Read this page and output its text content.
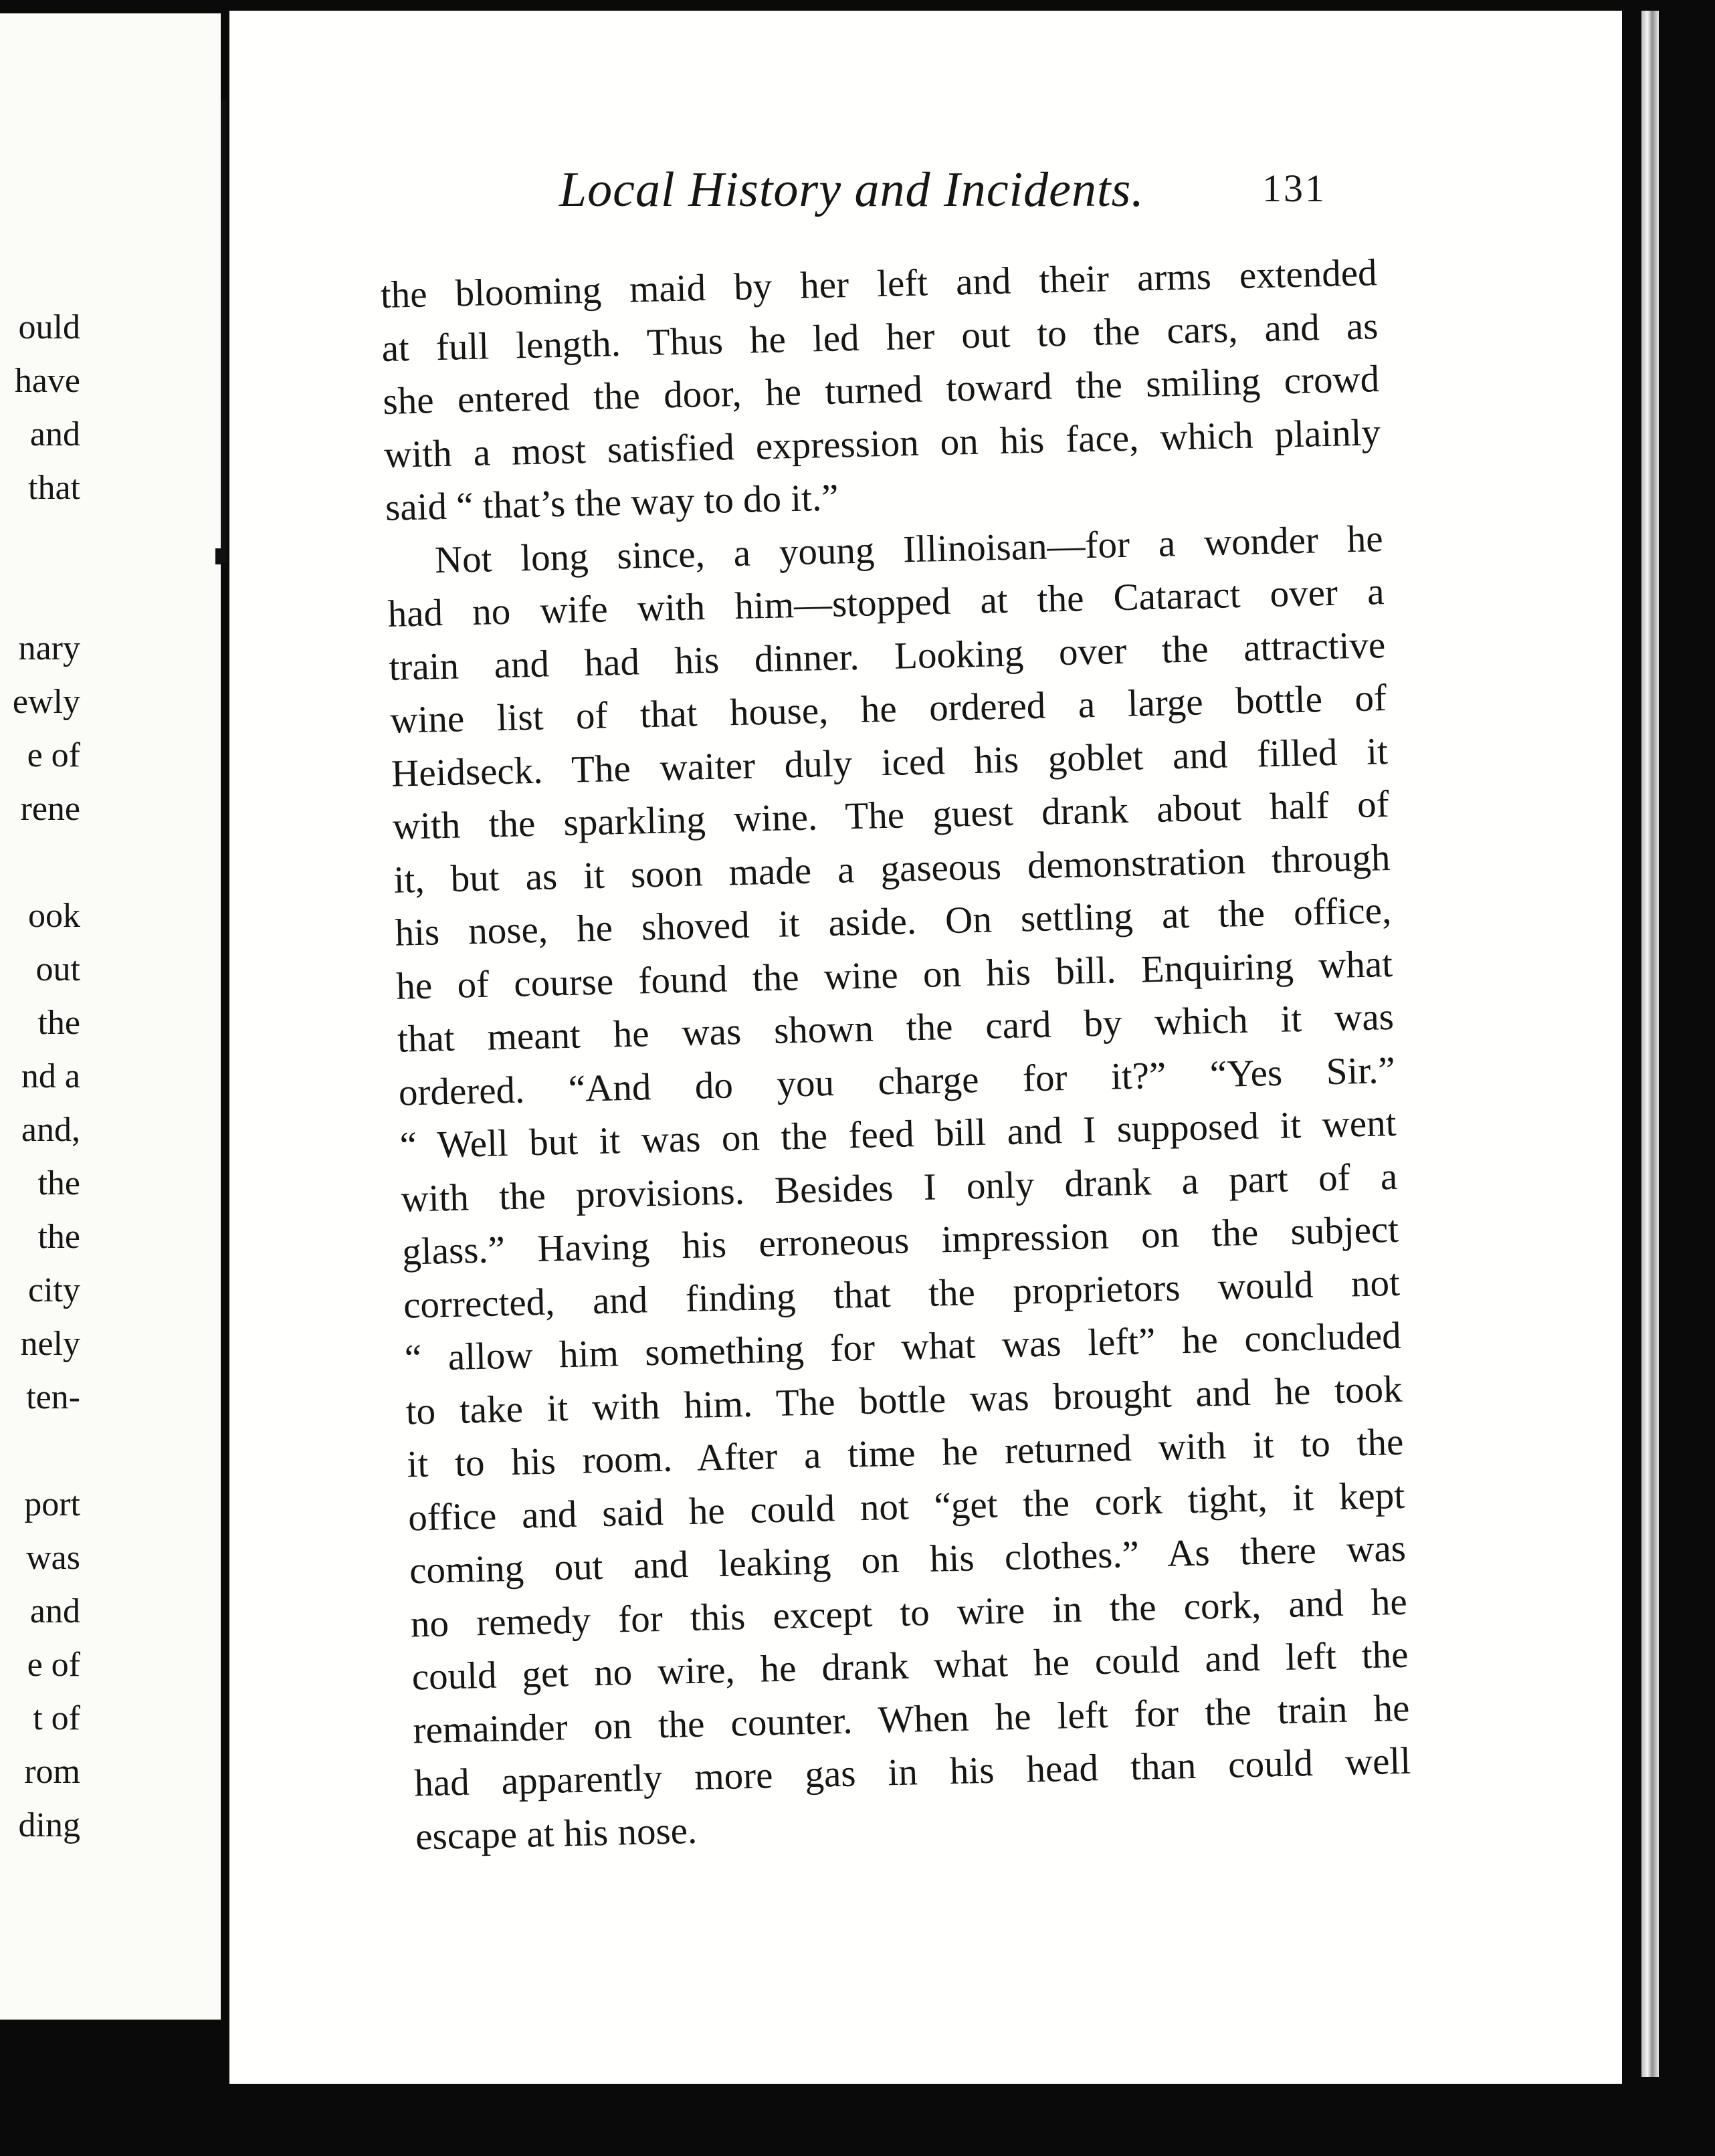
ould
have
and
that
nary
ewly
e of
rene
ook
out
the
nd a
and,
the
the
city
nely
ten-
port
was
and
e of
t of
rom
ding
Local History and Incidents.	131
the blooming maid by her left and their arms extended
at full length. Thus he led her out to the cars, and as
she entered the door, he turned toward the smiling crowd
with a most satisfied expression on his face, which plainly
said “ that’s the way to do it.”
Not long since, a young Illinoisan—for a wonder he
had no wife with him—stopped at the Cataract over a
train and had his dinner. Looking over the attractive
wine list of that house, he ordered a large bottle of
Heidseck. The waiter duly iced his goblet and filled it
with the sparkling wine. The guest drank about half of
it, but as it soon made a gaseous demonstration through
his nose, he shoved it aside. On settling at the office,
he of course found the wine on his bill. Enquiring what
that meant he was shown the card by which it was
ordered. “And do you charge for it?” “Yes Sir.”
“ Well but it was on the feed bill and I supposed it went
with the provisions. Besides I only drank a part of a
glass.” Having his erroneous impression on the subject
corrected, and finding that the proprietors would not
“ allow him something for what was left” he concluded
to take it with him. The bottle was brought and he took
it to his room. After a time he returned with it to the
office and said he could not “get the cork tight, it kept
coming out and leaking on his clothes.” As there was
no remedy for this except to wire in the cork, and he
could get no wire, he drank what he could and left the
remainder on the counter. When he left for the train he
had apparently more gas in his head than could well
escape at his nose.
